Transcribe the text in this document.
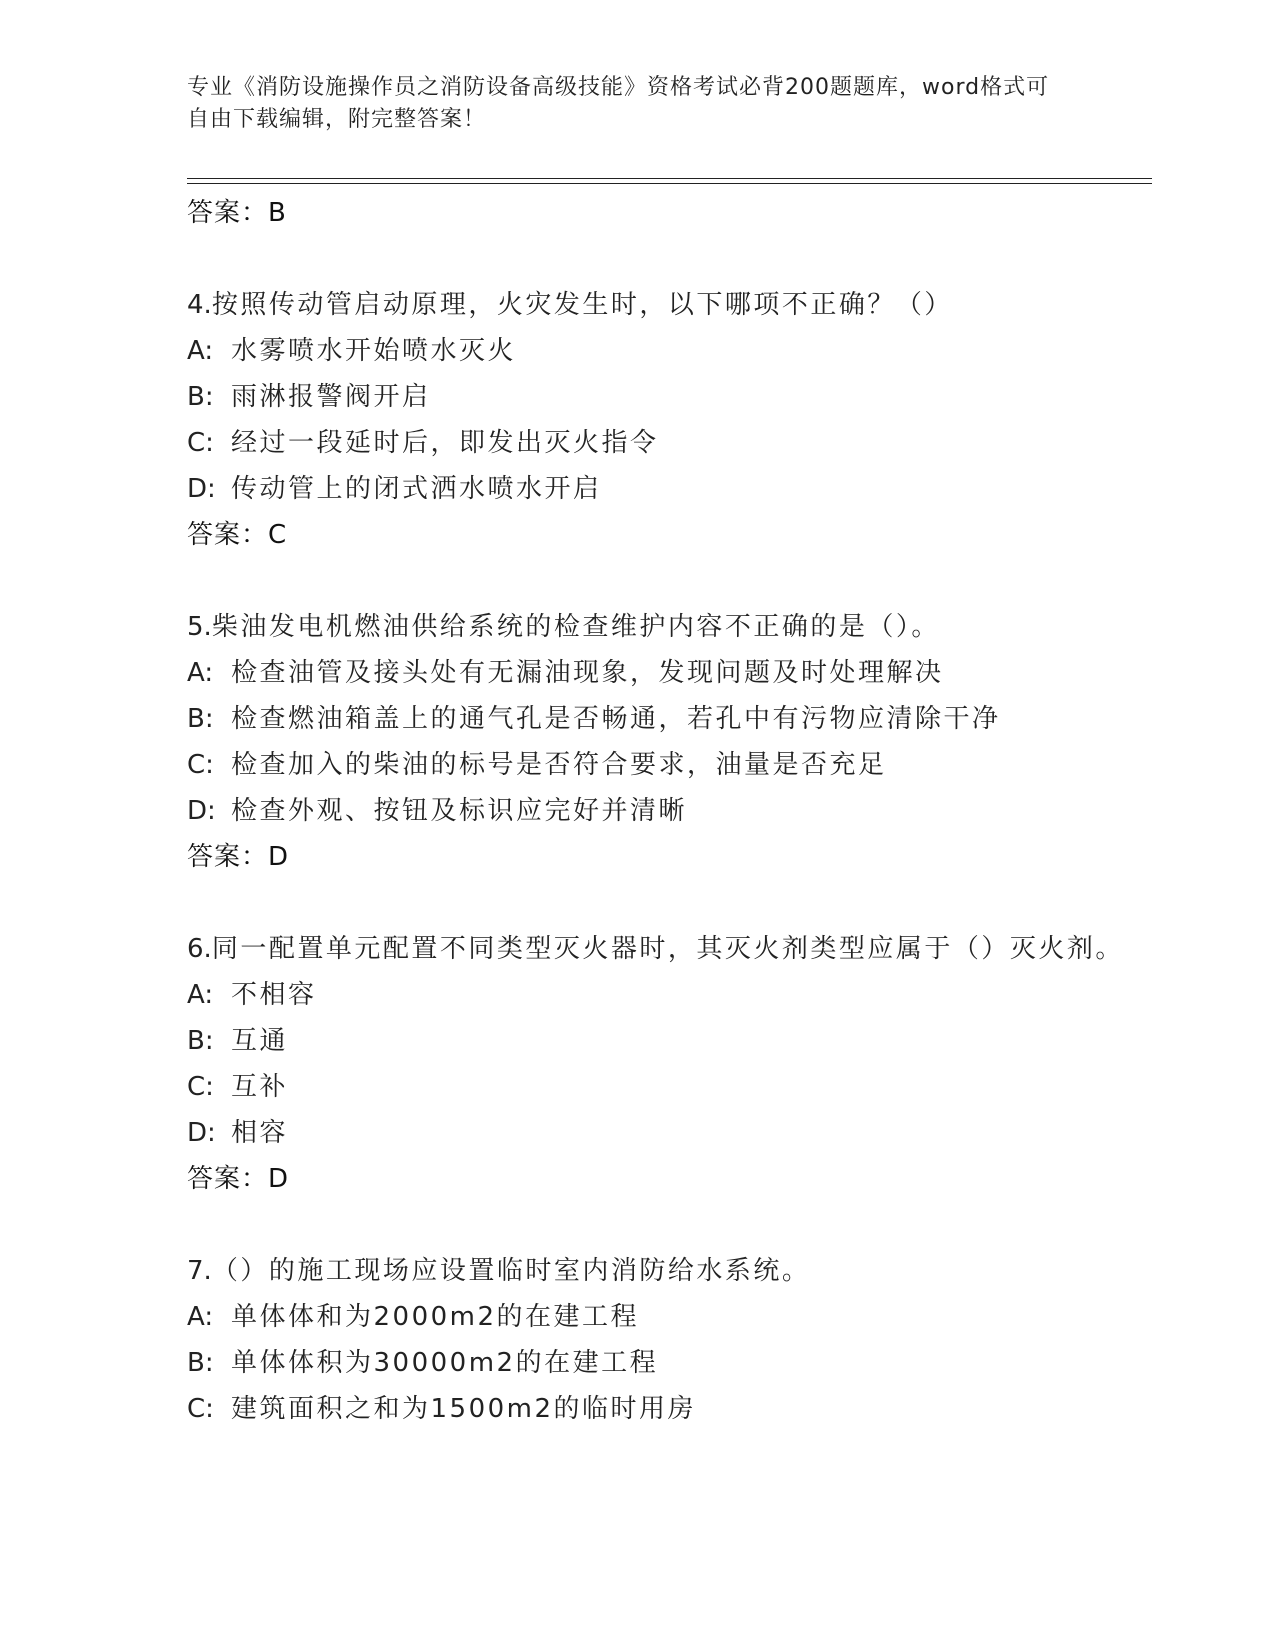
专业《消防设施操作员之消防设备高级技能》资格考试必背200题题库，word格式可自由下载编辑，附完整答案！
答案：B
4.按照传动管启动原理，火灾发生时，以下哪项不正确？（）
A: 水雾喷水开始喷水灭火
B: 雨淋报警阀开启
C: 经过一段延时后，即发出灭火指令
D: 传动管上的闭式洒水喷水开启
答案：C
5.柴油发电机燃油供给系统的检查维护内容不正确的是（）。
A: 检查油管及接头处有无漏油现象，发现问题及时处理解决
B: 检查燃油箱盖上的通气孔是否畅通，若孔中有污物应清除干净
C: 检查加入的柴油的标号是否符合要求，油量是否充足
D: 检查外观、按钮及标识应完好并清晰
答案：D
6.同一配置单元配置不同类型灭火器时，其灭火剂类型应属于（）灭火剂。
A: 不相容
B: 互通
C: 互补
D: 相容
答案：D
7.（）的施工现场应设置临时室内消防给水系统。
A: 单体体和为2000m2的在建工程
B: 单体体积为30000m2的在建工程
C: 建筑面积之和为1500m2的临时用房
